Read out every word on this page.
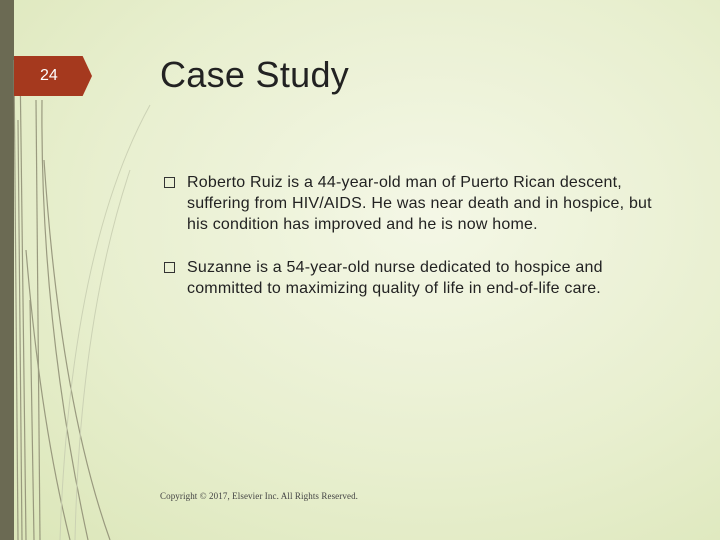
24	Case Study
Roberto Ruiz is a 44-year-old man of Puerto Rican descent, suffering from HIV/AIDS. He was near death and in hospice, but his condition has improved and he is now home.
Suzanne is a 54-year-old nurse dedicated to hospice and committed to maximizing quality of life in end-of-life care.
Copyright © 2017, Elsevier Inc. All Rights Reserved.
